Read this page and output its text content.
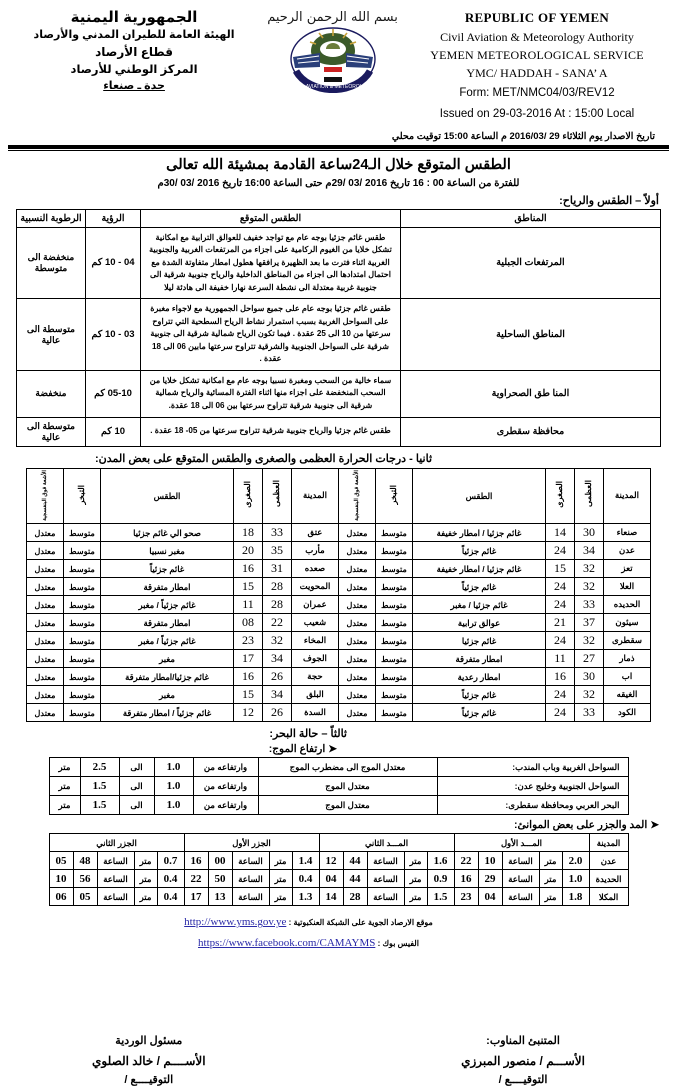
الجمهورية اليمنية
الهيئة العامة للطيران المدني والأرصاد
قطاع الأرصاد
المركز الوطني للأرصاد
حدة ـ صنعاء
بسم الله الرحمن الرحيم
CIVIL AVIATION & METEOROLOGY
REPUBLIC OF YEMEN
Civil Aviation & Meteorology Authority
YEMEN METEOROLOGICAL SERVICE
YMC/ HADDAH - SANA’ A
Form: MET/NMC04/03/REV12
Issued on 29-03-2016 At : 15:00 Local
تاريخ الاصدار يوم الثلاثاء 29 /2016/03 م الساعة 15:00 توقيت محلي
الطقس المتوقع خلال الـ24ساعة القادمة بمشيئة الله تعالى
للفترة من الساعة 00 : 16 تاريخ 2016 /03 /29م حتى الساعة 16:00 تاريخ 2016 /03 /30م
أولاً – الطقس والرياح:
المناطق	الطقس المتوقع	الرؤية	الرطوبة النسبية
المرتفعات الجبلية	طقس غائم جزئيا بوجه عام مع تواجد خفيف للعوالق الترابية مع امكانية تشكل خلايا من الغيوم الركامية على اجزاء من المرتفعات الغربية والجنوبية الغربية اثناء فترت ما بعد الظهيرة يرافقها هطول امطار متفاوتة الشدة مع احتمال امتدادها الى اجزاء من المناطق الداخلية والرياح جنوبية شرقية الى جنوبية غربية معتدلة الى نشطة السرعة نهارا خفيفة الى هادئة ليلا	04 - 10 كم	منخفضة الى متوسطة
المناطق الساحلية	طقس غائم جزئيا بوجه عام على جميع سواحل الجمهورية مع لاجواء مغبرة على السواحل الغربية بسبب استمرار نشاط الرياح السطحية التي تتراوح سرعتها من 10 الى 25 عقدة . فيما تكون الرياح شمالية شرقية الى جنوبية شرقية على السواحل الجنوبية والشرقية تتراوح سرعتها مابين 06 الى 18 عقدة .	03 - 10 كم	متوسطة الى عالية
المنا طق الصحراوية	سماء خالية من السحب ومغبرة نسبيا بوجه عام مع امكانية تشكل خلايا من السحب المنخفضة على اجزاء منها اثناء الفترة المسائية والرياح شمالية شرقية الى جنوبية شرقية تتراوح سرعتها بين 06 الى 18 عقدة.	05-10 كم	منخفضة
محافظة سقطرى	طقس غائم جزئيا والرياح جنوبية شرقية تتراوح سرعتها من 05- 18 عقدة .	10 كم	متوسطة الى عالية
ثانيا - درجات الحرارة العظمى والصغرى والطقس المتوقع على بعض المدن:
المدينة	العظمى	الصغرى	الطقس	التبخر	الأشعة فوق البنفسجية	المدينة	العظمى	الصغرى	الطقس	التبخر	الأشعة فوق البنفسجية
صنعاء	30	14	غائم جزئيا / امطار خفيفة	متوسط	معتدل	عتق	33	18	صحو الي غائم جزئيا	متوسط	معتدل
عدن	34	24	غائم جزئياً	متوسط	معتدل	مأرب	35	20	مغبر نسبيا	متوسط	معتدل
تعز	32	15	غائم جزئيا / امطار خفيفة	متوسط	معتدل	صعده	31	16	غائم جزئياً	متوسط	معتدل
العلا	32	24	غائم جزئياً	متوسط	معتدل	المحويت	28	15	امطار متفرقة	متوسط	معتدل
الحديده	33	24	غائم جزئيا / مغبر	متوسط	معتدل	عمران	28	11	غائم جزئياً / مغبر	متوسط	معتدل
سيئون	37	21	عوالق ترابية	متوسط	معتدل	شعيب	22	08	امطار متفرقة	متوسط	معتدل
سقطرى	32	24	غائم جزئيا	متوسط	معتدل	المخاء	32	23	غائم جزئياً / مغبر	متوسط	معتدل
ذمار	27	11	امطار متفرقة	متوسط	معتدل	الجوف	34	17	مغبر	متوسط	معتدل
اب	30	16	امطار رعدية	متوسط	معتدل	حجة	26	16	غائم جزئيا/امطار متفرقة	متوسط	معتدل
الغيقه	32	24	غائم جزئياً	متوسط	معتدل	البلق	34	15	مغبر	متوسط	معتدل
الكود	33	24	غائم جزئياً	متوسط	معتدل	السدة	26	12	غائم جزئياً / امطار متفرقة	متوسط	معتدل
ثالثاً – حالة البحر:
➤ ارتفاع الموج:
السواحل الغربية وباب المندب:	معتدل الموج الى مضطرب الموج	وارتفاعه من	1.0	الى	2.5	متر
السواحل الجنوبية وخليج عدن:	معتدل الموج	وارتفاعه من	1.0	الى	1.5	متر
البحر العربي ومحافظة سقطرى:	معتدل الموج	وارتفاعه من	1.0	الى	1.5	متر
➤ المد والجزر على بعض الموانئ:
المدينة	المـــد الأول					المـــد الثاني					الجزر الأول					الجزر الثاني				
عدن	2.0	متر	الساعة	10	22	1.6	متر	الساعة	44	12	1.4	متر	الساعة	00	16	0.7	متر	الساعة	48	05
الحديدة	1.0	متر	الساعة	29	16	0.9	متر	الساعة	44	04	0.4	متر	الساعة	50	22	0.4	متر	الساعة	56	10
المكلا	1.8	متر	الساعة	04	23	1.5	متر	الساعة	28	14	1.3	متر	الساعة	13	17	0.4	متر	الساعة	05	06
موقع الارصاد الجوية على الشبكة العنكبوتية : http://www.yms.gov.ye
الفيس بوك : https://www.facebook.com/CAMAYMS
المتنبئ المناوب:
الأســـم / منصور المبرزي
التوقيــــع /
مسئول الوردية
الأســــم / خالد الصلوي
التوقيــــع /
